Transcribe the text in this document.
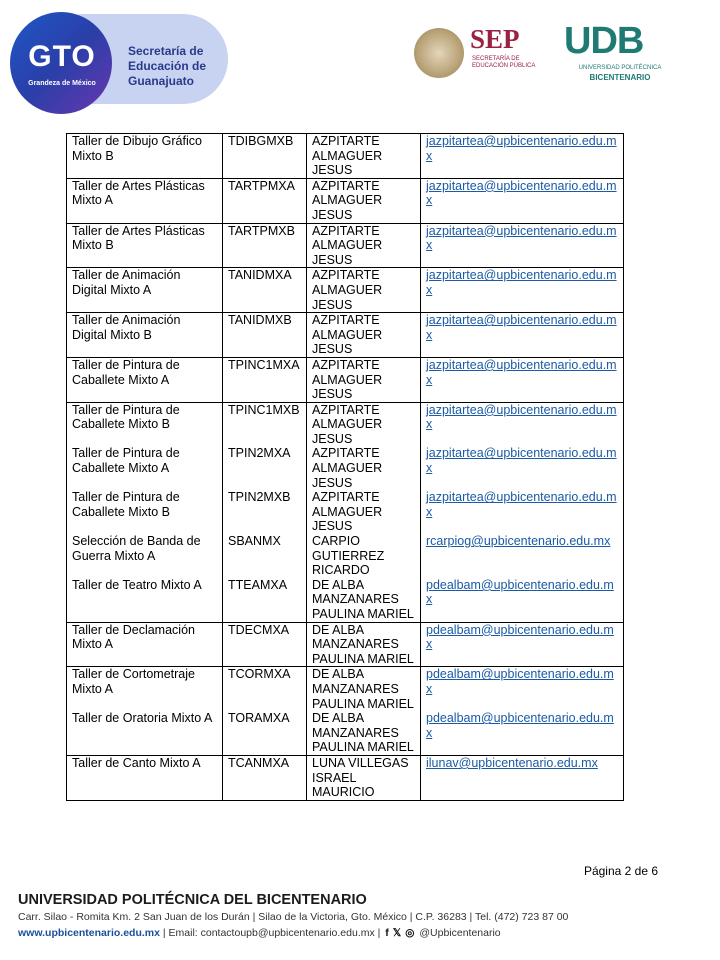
GTO
Grandeza de México
Secretaría de Educación de Guanajuato
SEP
SECRETARÍA DE EDUCACIÓN PÚBLICA
UDB
UNIVERSIDAD POLITÉCNICA
BICENTENARIO
Taller de Dibujo Gráfico Mixto B	TDIBGMXB	AZPITARTE ALMAGUER JESUS	jazpitartea@upbicentenario.edu.mx
Taller de Artes Plásticas Mixto A	TARTPMXA	AZPITARTE ALMAGUER JESUS	jazpitartea@upbicentenario.edu.mx
Taller de Artes Plásticas Mixto B	TARTPMXB	AZPITARTE ALMAGUER JESUS	jazpitartea@upbicentenario.edu.mx
Taller de Animación Digital Mixto A	TANIDMXA	AZPITARTE ALMAGUER JESUS	jazpitartea@upbicentenario.edu.mx
Taller de Animación Digital Mixto B	TANIDMXB	AZPITARTE ALMAGUER JESUS	jazpitartea@upbicentenario.edu.mx
Taller de Pintura de Caballete Mixto A	TPINC1MXA	AZPITARTE ALMAGUER JESUS	jazpitartea@upbicentenario.edu.mx
Taller de Pintura de Caballete Mixto B	TPINC1MXB	AZPITARTE ALMAGUER JESUS	jazpitartea@upbicentenario.edu.mx
Taller de Pintura de Caballete Mixto A	TPIN2MXA	AZPITARTE ALMAGUER JESUS	jazpitartea@upbicentenario.edu.mx
Taller de Pintura de Caballete Mixto B	TPIN2MXB	AZPITARTE ALMAGUER JESUS	jazpitartea@upbicentenario.edu.mx
Selección de Banda de Guerra Mixto A	SBANMX	CARPIO GUTIERREZ RICARDO	rcarpiog@upbicentenario.edu.mx
Taller de Teatro Mixto A	TTEAMXA	DE ALBA MANZANARES PAULINA MARIEL	pdealbam@upbicentenario.edu.mx
Taller de Declamación Mixto A	TDECMXA	DE ALBA MANZANARES PAULINA MARIEL	pdealbam@upbicentenario.edu.mx
Taller de Cortometraje Mixto A	TCORMXA	DE ALBA MANZANARES PAULINA MARIEL	pdealbam@upbicentenario.edu.mx
Taller de Oratoria Mixto A	TORAMXA	DE ALBA MANZANARES PAULINA MARIEL	pdealbam@upbicentenario.edu.mx
Taller de Canto Mixto A	TCANMXA	LUNA VILLEGAS ISRAEL MAURICIO	ilunav@upbicentenario.edu.mx
Página 2 de 6
UNIVERSIDAD POLITÉCNICA DEL BICENTENARIO
Carr. Silao - Romita Km. 2 San Juan de los Durán | Silao de la Victoria, Gto. México | C.P. 36283 | Tel. (472) 723 87 00
www.upbicentenario.edu.mx | Email: contactoupb@upbicentenario.edu.mx | f 𝕏 ◎ @Upbicentenario
